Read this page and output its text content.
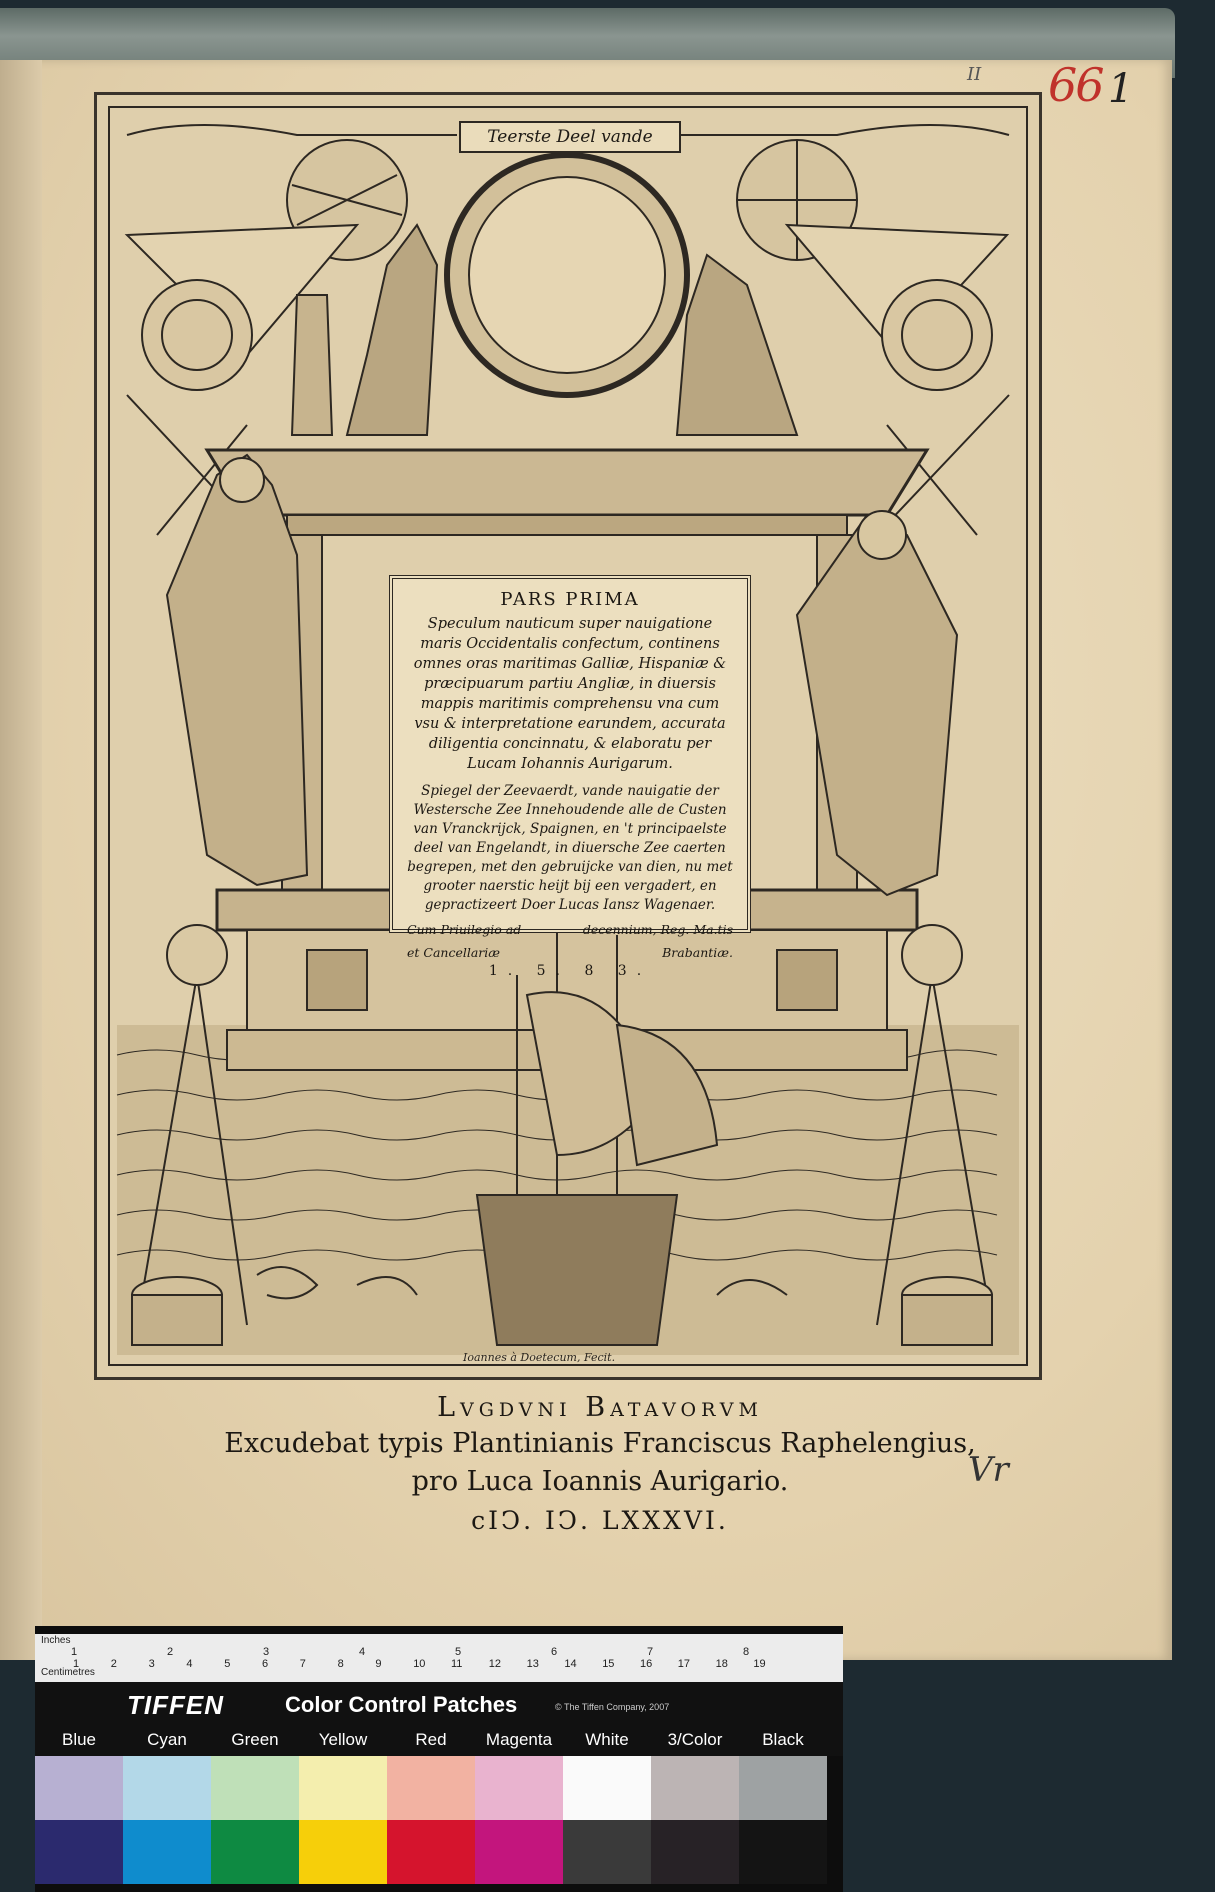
II 66 1
Teerste Deel vande
PARS PRIMA
Speculum nauticum super nauigatione maris Occidentalis confectum, continens omnes oras maritimas Galliæ, Hispaniæ & præcipuarum partiu Angliæ, in diuersis mappis maritimis comprehensu vna cum vsu & interpretatione earundem, accurata diligentia concinnatu, & elaboratu per Lucam Iohannis Aurigarum.
Spiegel der Zeevaerdt, vande nauigatie der Westersche Zee Innehoudende alle de Custen van Vranckrijck, Spaignen, en 't principaelste deel van Engelandt, in diuersche Zee caerten begrepen, met den gebruijcke van dien, nu met grooter naerstic heijt bij een vergadert, en gepractizeert Doer Lucas Iansz Wagenaer.
Cum Priuilegio ad	decennium, Reg. Ma.tis
et Cancellariæ	Brabantiæ.
1. 5. 8 3.
Ioannes à Doetecum, Fecit.
Lvgdvni Batavorvm
Excudebat typis Plantinianis Franciscus Raphelengius,
pro Luca Ioannis Aurigario.
cIↃ. IↃ. LXXXVI.
Vr
Inches
Centimetres
1	2	3	4	5	6	7	8
1	2	3	4	5	6	7	8	9	10 11 12 13 14 15 16 17 18 19
TIFFEN	Color Control Patches	© The Tiffen Company, 2007
Blue	Cyan	Green	Yellow	Red	Magenta	White	3/Color	Black
